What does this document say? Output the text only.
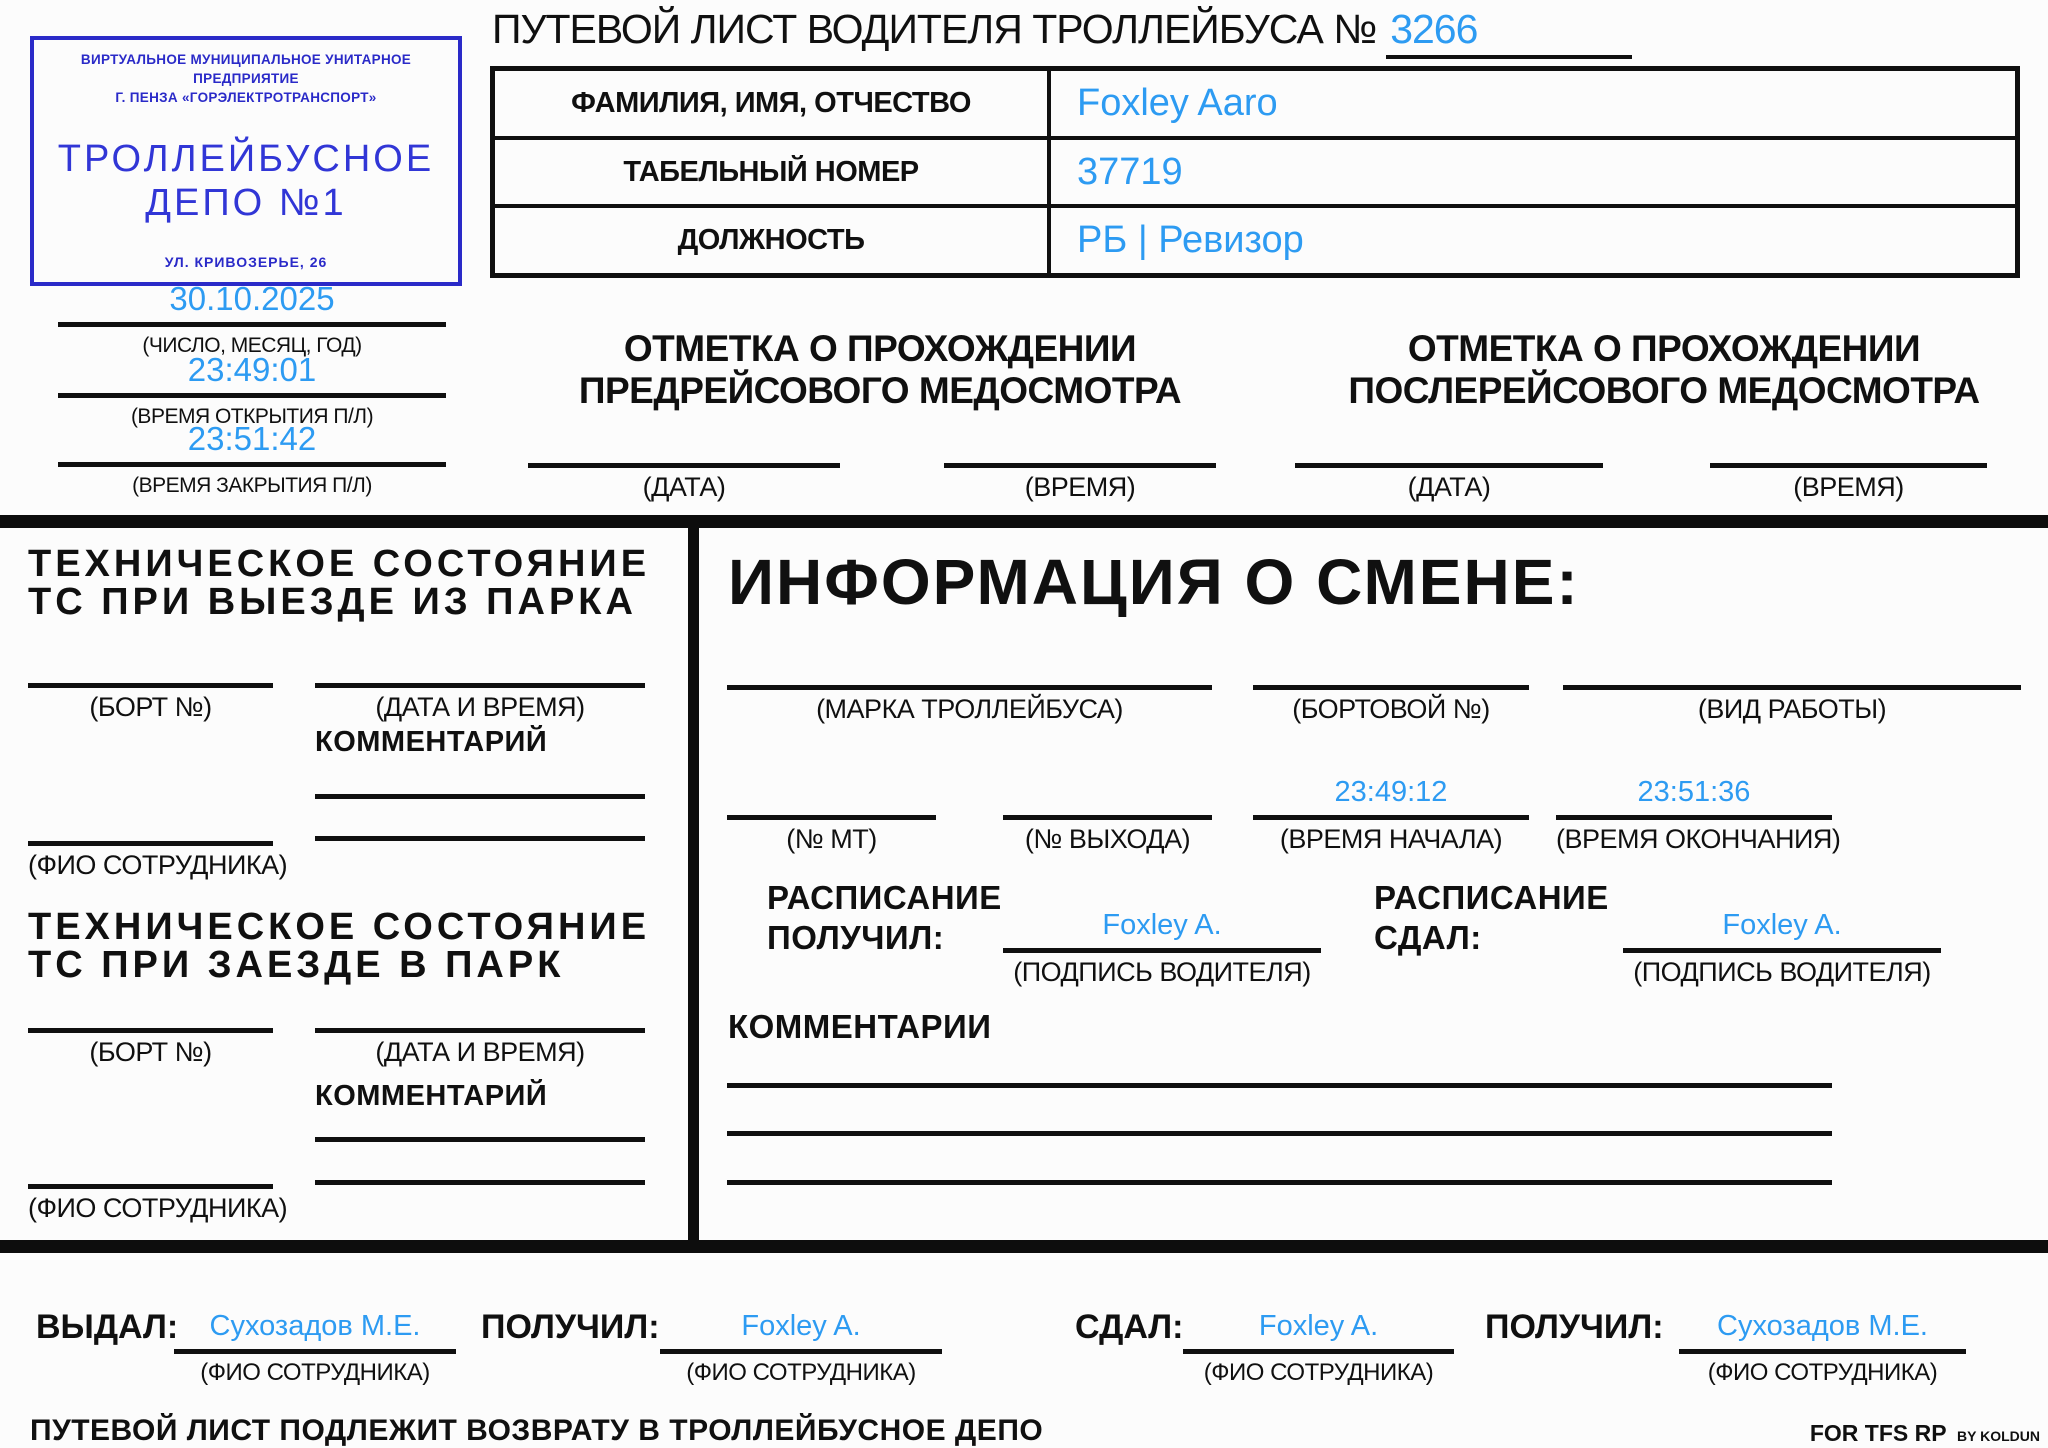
ВИРТУАЛЬНОЕ МУНИЦИПАЛЬНОЕ УНИТАРНОЕ ПРЕДПРИЯТИЕ
Г. ПЕНЗА «ГОРЭЛЕКТРОТРАНСПОРТ»
ТРОЛЛЕЙБУСНОЕ
ДЕПО №1
УЛ. КРИВОЗЕРЬЕ, 26
ПУТЕВОЙ ЛИСТ ВОДИТЕЛЯ ТРОЛЛЕЙБУСА № 3266
ФАМИЛИЯ, ИМЯ, ОТЧЕСТВО	Foxley Aaro
ТАБЕЛЬНЫЙ НОМЕР	37719
ДОЛЖНОСТЬ	РБ | Ревизор
30.10.2025
(ЧИСЛО, МЕСЯЦ, ГОД)
23:49:01
(ВРЕМЯ ОТКРЫТИЯ П/Л)
23:51:42
(ВРЕМЯ ЗАКРЫТИЯ П/Л)
ОТМЕТКА О ПРОХОЖДЕНИИ
ПРЕДРЕЙСОВОГО МЕДОСМОТРА
ОТМЕТКА О ПРОХОЖДЕНИИ
ПОСЛЕРЕЙСОВОГО МЕДОСМОТРА
(ДАТА)	(ВРЕМЯ)	(ДАТА)	(ВРЕМЯ)
ТЕХНИЧЕСКОЕ СОСТОЯНИЕ
ТС ПРИ ВЫЕЗДЕ ИЗ ПАРКА
(БОРТ №)	(ДАТА И ВРЕМЯ)
КОММЕНТАРИЙ
(ФИО СОТРУДНИКА)
ТЕХНИЧЕСКОЕ СОСТОЯНИЕ
ТС ПРИ ЗАЕЗДЕ В ПАРК
(БОРТ №)	(ДАТА И ВРЕМЯ)
КОММЕНТАРИЙ
(ФИО СОТРУДНИКА)
ИНФОРМАЦИЯ О СМЕНЕ:
(МАРКА ТРОЛЛЕЙБУСА)	(БОРТОВОЙ №)	(ВИД РАБОТЫ)
(№ МТ)	(№ ВЫХОДА)
23:49:12
(ВРЕМЯ НАЧАЛА)
23:51:36
(ВРЕМЯ ОКОНЧАНИЯ)
РАСПИСАНИЕ
ПОЛУЧИЛ:	Foxley A.
(ПОДПИСЬ ВОДИТЕЛЯ)
РАСПИСАНИЕ
СДАЛ:	Foxley A.
(ПОДПИСЬ ВОДИТЕЛЯ)
КОММЕНТАРИИ
ВЫДАЛ:	Сухозадов М.Е.
(ФИО СОТРУДНИКА)
ПОЛУЧИЛ:	Foxley A.
(ФИО СОТРУДНИКА)
СДАЛ:	Foxley A.
(ФИО СОТРУДНИКА)
ПОЛУЧИЛ:	Сухозадов М.Е.
(ФИО СОТРУДНИКА)
ПУТЕВОЙ ЛИСТ ПОДЛЕЖИТ ВОЗВРАТУ В ТРОЛЛЕЙБУСНОЕ ДЕПО	FOR TFS RP BY KOLDUN
